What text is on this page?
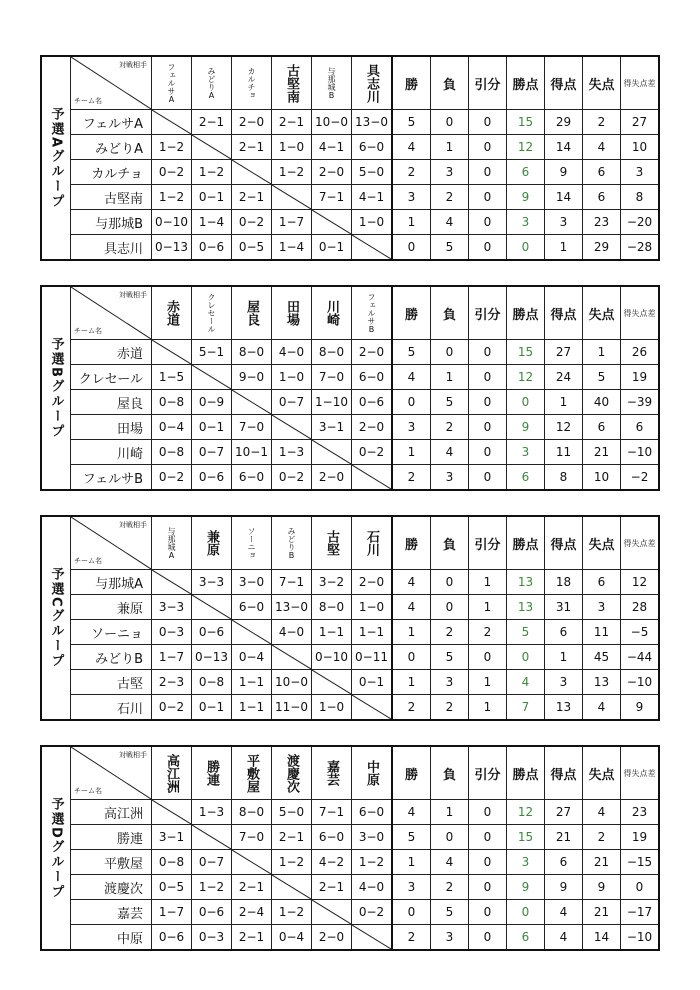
予選Aグループ	対戦相手
チーム名	フェルサA	みどりA	カルチョ	古堅南	与那城B	具志川	勝	負	引分	勝点	得点	失点	得失点差
	フェルサA		2−1	2−0	2−1	10−0	13−0	5	0	0	15	29	2	27
	みどりA	1−2		2−1	1−0	4−1	6−0	4	1	0	12	14	4	10
	カルチョ	0−2	1−2		1−2	2−0	5−0	2	3	0	6	9	6	3
	古堅南	1−2	0−1	2−1		7−1	4−1	3	2	0	9	14	6	8
	与那城B	0−10	1−4	0−2	1−7		1−0	1	4	0	3	3	23	−20
	具志川	0−13	0−6	0−5	1−4	0−1		0	5	0	0	1	29	−28
予選Bグループ	対戦相手
チーム名	赤道	クレセール	屋良	田場	川崎	フェルサB	勝	負	引分	勝点	得点	失点	得失点差
	赤道		5−1	8−0	4−0	8−0	2−0	5	0	0	15	27	1	26
	クレセール	1−5		9−0	1−0	7−0	6−0	4	1	0	12	24	5	19
	屋良	0−8	0−9		0−7	1−10	0−6	0	5	0	0	1	40	−39
	田場	0−4	0−1	7−0		3−1	2−0	3	2	0	9	12	6	6
	川崎	0−8	0−7	10−1	1−3		0−2	1	4	0	3	11	21	−10
	フェルサB	0−2	0−6	6−0	0−2	2−0		2	3	0	6	8	10	−2
予選Cグループ	対戦相手
チーム名	与那城A	兼原	ソーニョ	みどりB	古堅	石川	勝	負	引分	勝点	得点	失点	得失点差
	与那城A		3−3	3−0	7−1	3−2	2−0	4	0	1	13	18	6	12
	兼原	3−3		6−0	13−0	8−0	1−0	4	0	1	13	31	3	28
	ソーニョ	0−3	0−6		4−0	1−1	1−1	1	2	2	5	6	11	−5
	みどりB	1−7	0−13	0−4		0−10	0−11	0	5	0	0	1	45	−44
	古堅	2−3	0−8	1−1	10−0		0−1	1	3	1	4	3	13	−10
	石川	0−2	0−1	1−1	11−0	1−0		2	2	1	7	13	4	9
予選Dグループ	対戦相手
チーム名	高江洲	勝連	平敷屋	渡慶次	嘉芸	中原	勝	負	引分	勝点	得点	失点	得失点差
	高江洲		1−3	8−0	5−0	7−1	6−0	4	1	0	12	27	4	23
	勝連	3−1		7−0	2−1	6−0	3−0	5	0	0	15	21	2	19
	平敷屋	0−8	0−7		1−2	4−2	1−2	1	4	0	3	6	21	−15
	渡慶次	0−5	1−2	2−1		2−1	4−0	3	2	0	9	9	9	0
	嘉芸	1−7	0−6	2−4	1−2		0−2	0	5	0	0	4	21	−17
	中原	0−6	0−3	2−1	0−4	2−0		2	3	0	6	4	14	−10
